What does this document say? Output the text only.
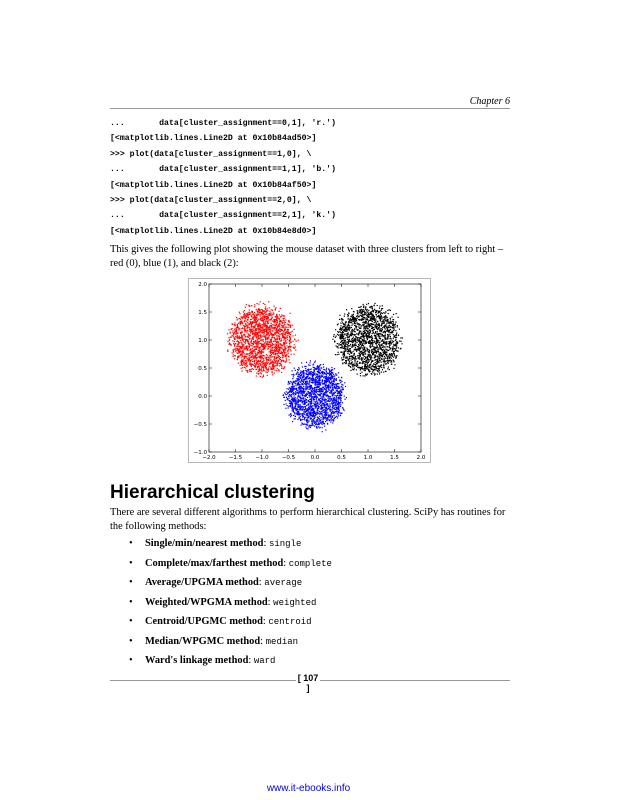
Chapter 6
...       data[cluster_assignment==0,1], 'r.')
[<matplotlib.lines.Line2D at 0x10b84ad50>]
>>> plot(data[cluster_assignment==1,0], \
...       data[cluster_assignment==1,1], 'b.')
[<matplotlib.lines.Line2D at 0x10b84af50>]
>>> plot(data[cluster_assignment==2,0], \
...       data[cluster_assignment==2,1], 'k.')
[<matplotlib.lines.Line2D at 0x10b84e8d0>]

This gives the following plot showing the mouse dataset with three clusters from left to right – red (0), blue (1), and black (2):

−2.0 −1.5 −1.0 −0.5	0.0	0.5	1.0	1.5	2.0
−1.0
−0.5
0.0
0.5
1.0
1.5
2.0
Hierarchical clustering

There are several different algorithms to perform hierarchical clustering. SciPy has routines for the following methods:

• Single/min/nearest method: single
• Complete/max/farthest method: complete
• Average/UPGMA method: average
• Weighted/WPGMA method: weighted
• Centroid/UPGMC method: centroid
• Median/WPGMC method: median
• Ward's linkage method: ward
[ 107 ]
www.it-ebooks.info
